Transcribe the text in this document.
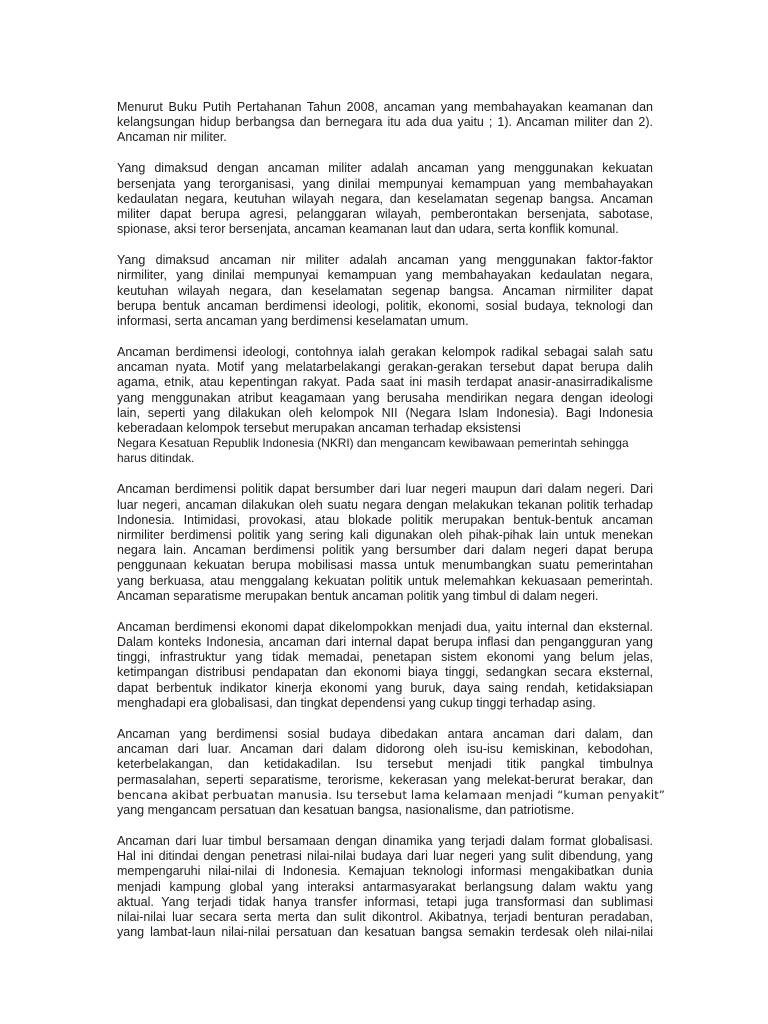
Menurut Buku Putih Pertahanan Tahun 2008, ancaman yang membahayakan keamanan dan
kelangsungan hidup berbangsa dan bernegara itu ada dua yaitu ; 1). Ancaman militer dan 2).
Ancaman nir militer.
Yang dimaksud dengan ancaman militer adalah ancaman yang menggunakan kekuatan
bersenjata yang terorganisasi, yang dinilai mempunyai kemampuan yang membahayakan
kedaulatan negara, keutuhan wilayah negara, dan keselamatan segenap bangsa. Ancaman
militer dapat berupa agresi, pelanggaran wilayah, pemberontakan bersenjata, sabotase,
spionase, aksi teror bersenjata, ancaman keamanan laut dan udara, serta konflik komunal.
Yang dimaksud ancaman nir militer adalah ancaman yang menggunakan faktor-faktor
nirmiliter, yang dinilai mempunyai kemampuan yang membahayakan kedaulatan negara,
keutuhan wilayah negara, dan keselamatan segenap bangsa. Ancaman nirmiliter dapat
berupa bentuk ancaman berdimensi ideologi, politik, ekonomi, sosial budaya, teknologi dan
informasi, serta ancaman yang berdimensi keselamatan umum.
Ancaman berdimensi ideologi, contohnya ialah gerakan kelompok radikal sebagai salah satu
ancaman nyata. Motif yang melatarbelakangi gerakan-gerakan tersebut dapat berupa dalih
agama, etnik, atau kepentingan rakyat. Pada saat ini masih terdapat anasir-anasirradikalisme
yang menggunakan atribut keagamaan yang berusaha mendirikan negara dengan ideologi
lain, seperti yang dilakukan oleh kelompok NII (Negara Islam Indonesia). Bagi Indonesia
keberadaan kelompok tersebut merupakan ancaman terhadap eksistensi
Negara Kesatuan Republik Indonesia (NKRI) dan mengancam kewibawaan pemerintah sehingga
harus ditindak.
Ancaman berdimensi politik dapat bersumber dari luar negeri maupun dari dalam negeri. Dari
luar negeri, ancaman dilakukan oleh suatu negara dengan melakukan tekanan politik terhadap
Indonesia. Intimidasi, provokasi, atau blokade politik merupakan bentuk-bentuk ancaman
nirmiliter berdimensi politik yang sering kali digunakan oleh pihak-pihak lain untuk menekan
negara lain. Ancaman berdimensi politik yang bersumber dari dalam negeri dapat berupa
penggunaan kekuatan berupa mobilisasi massa untuk menumbangkan suatu pemerintahan
yang berkuasa, atau menggalang kekuatan politik untuk melemahkan kekuasaan pemerintah.
Ancaman separatisme merupakan bentuk ancaman politik yang timbul di dalam negeri.
Ancaman berdimensi ekonomi dapat dikelompokkan menjadi dua, yaitu internal dan eksternal.
Dalam konteks Indonesia, ancaman dari internal dapat berupa inflasi dan pengangguran yang
tinggi, infrastruktur yang tidak memadai, penetapan sistem ekonomi yang belum jelas,
ketimpangan distribusi pendapatan dan ekonomi biaya tinggi, sedangkan secara eksternal,
dapat berbentuk indikator kinerja ekonomi yang buruk, daya saing rendah, ketidaksiapan
menghadapi era globalisasi, dan tingkat dependensi yang cukup tinggi terhadap asing.
Ancaman yang berdimensi sosial budaya dibedakan antara ancaman dari dalam, dan
ancaman dari luar. Ancaman dari dalam didorong oleh isu-isu kemiskinan, kebodohan,
keterbelakangan, dan ketidakadilan. Isu tersebut menjadi titik pangkal timbulnya
permasalahan, seperti separatisme, terorisme, kekerasan yang melekat-berurat berakar, dan
bencana akibat perbuatan manusia. Isu tersebut lama kelamaan menjadi “kuman penyakit”
yang mengancam persatuan dan kesatuan bangsa, nasionalisme, dan patriotisme.
Ancaman dari luar timbul bersamaan dengan dinamika yang terjadi dalam format globalisasi.
Hal ini ditindai dengan penetrasi nilai-nilai budaya dari luar negeri yang sulit dibendung, yang
mempengaruhi nilai-nilai di Indonesia. Kemajuan teknologi informasi mengakibatkan dunia
menjadi kampung global yang interaksi antarmasyarakat berlangsung dalam waktu yang
aktual. Yang terjadi tidak hanya transfer informasi, tetapi juga transformasi dan sublimasi
nilai-nilai luar secara serta merta dan sulit dikontrol. Akibatnya, terjadi benturan peradaban,
yang lambat-laun nilai-nilai persatuan dan kesatuan bangsa semakin terdesak oleh nilai-nilai
